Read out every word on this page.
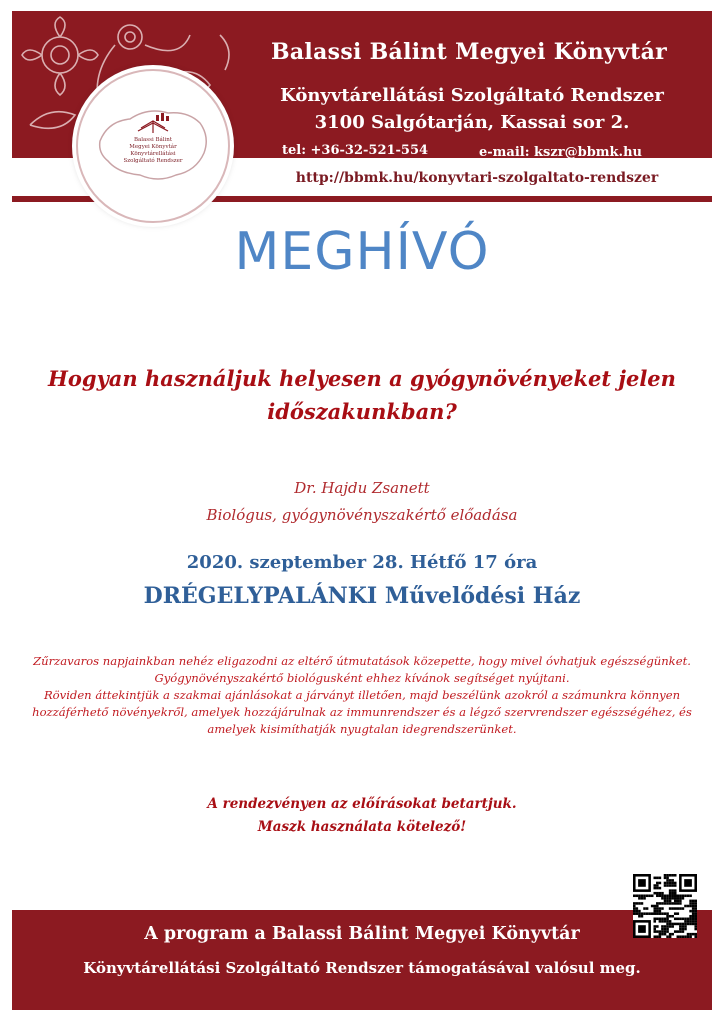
Balassi Bálint
Megyei Könyvtár
Könyvtárellátási
Szolgáltató Rendszer
Balassi Bálint Megyei Könyvtár
Könyvtárellátási Szolgáltató Rendszer
3100 Salgótarján, Kassai sor 2.
tel: +36-32-521-554	e-mail: kszr@bbmk.hu
http://bbmk.hu/konyvtari-szolgaltato-rendszer
MEGHÍVÓ
Hogyan használjuk helyesen a gyógynövényeket jelen időszakunkban?
Dr. Hajdu Zsanett
Biológus, gyógynövényszakértő előadása
2020. szeptember 28. Hétfő 17 óra
DRÉGELYPALÁNKI Művelődési Ház
Zűrzavaros napjainkban nehéz eligazodni az eltérő útmutatások közepette, hogy mivel óvhatjuk egészségünket.
Gyógynövényszakértő biológusként ehhez kívánok segítséget nyújtani.
Röviden áttekintjük a szakmai ajánlásokat a járványt illetően, majd beszélünk azokról a számunkra könnyen
hozzáférhető növényekről, amelyek hozzájárulnak az immunrendszer és a légző szervrendszer egészségéhez, és
amelyek kisimíthatják nyugtalan idegrendszerünket.
A rendezvényen az előírásokat betartjuk.
Maszk használata kötelező!
A program a Balassi Bálint Megyei Könyvtár
Könyvtárellátási Szolgáltató Rendszer támogatásával valósul meg.
